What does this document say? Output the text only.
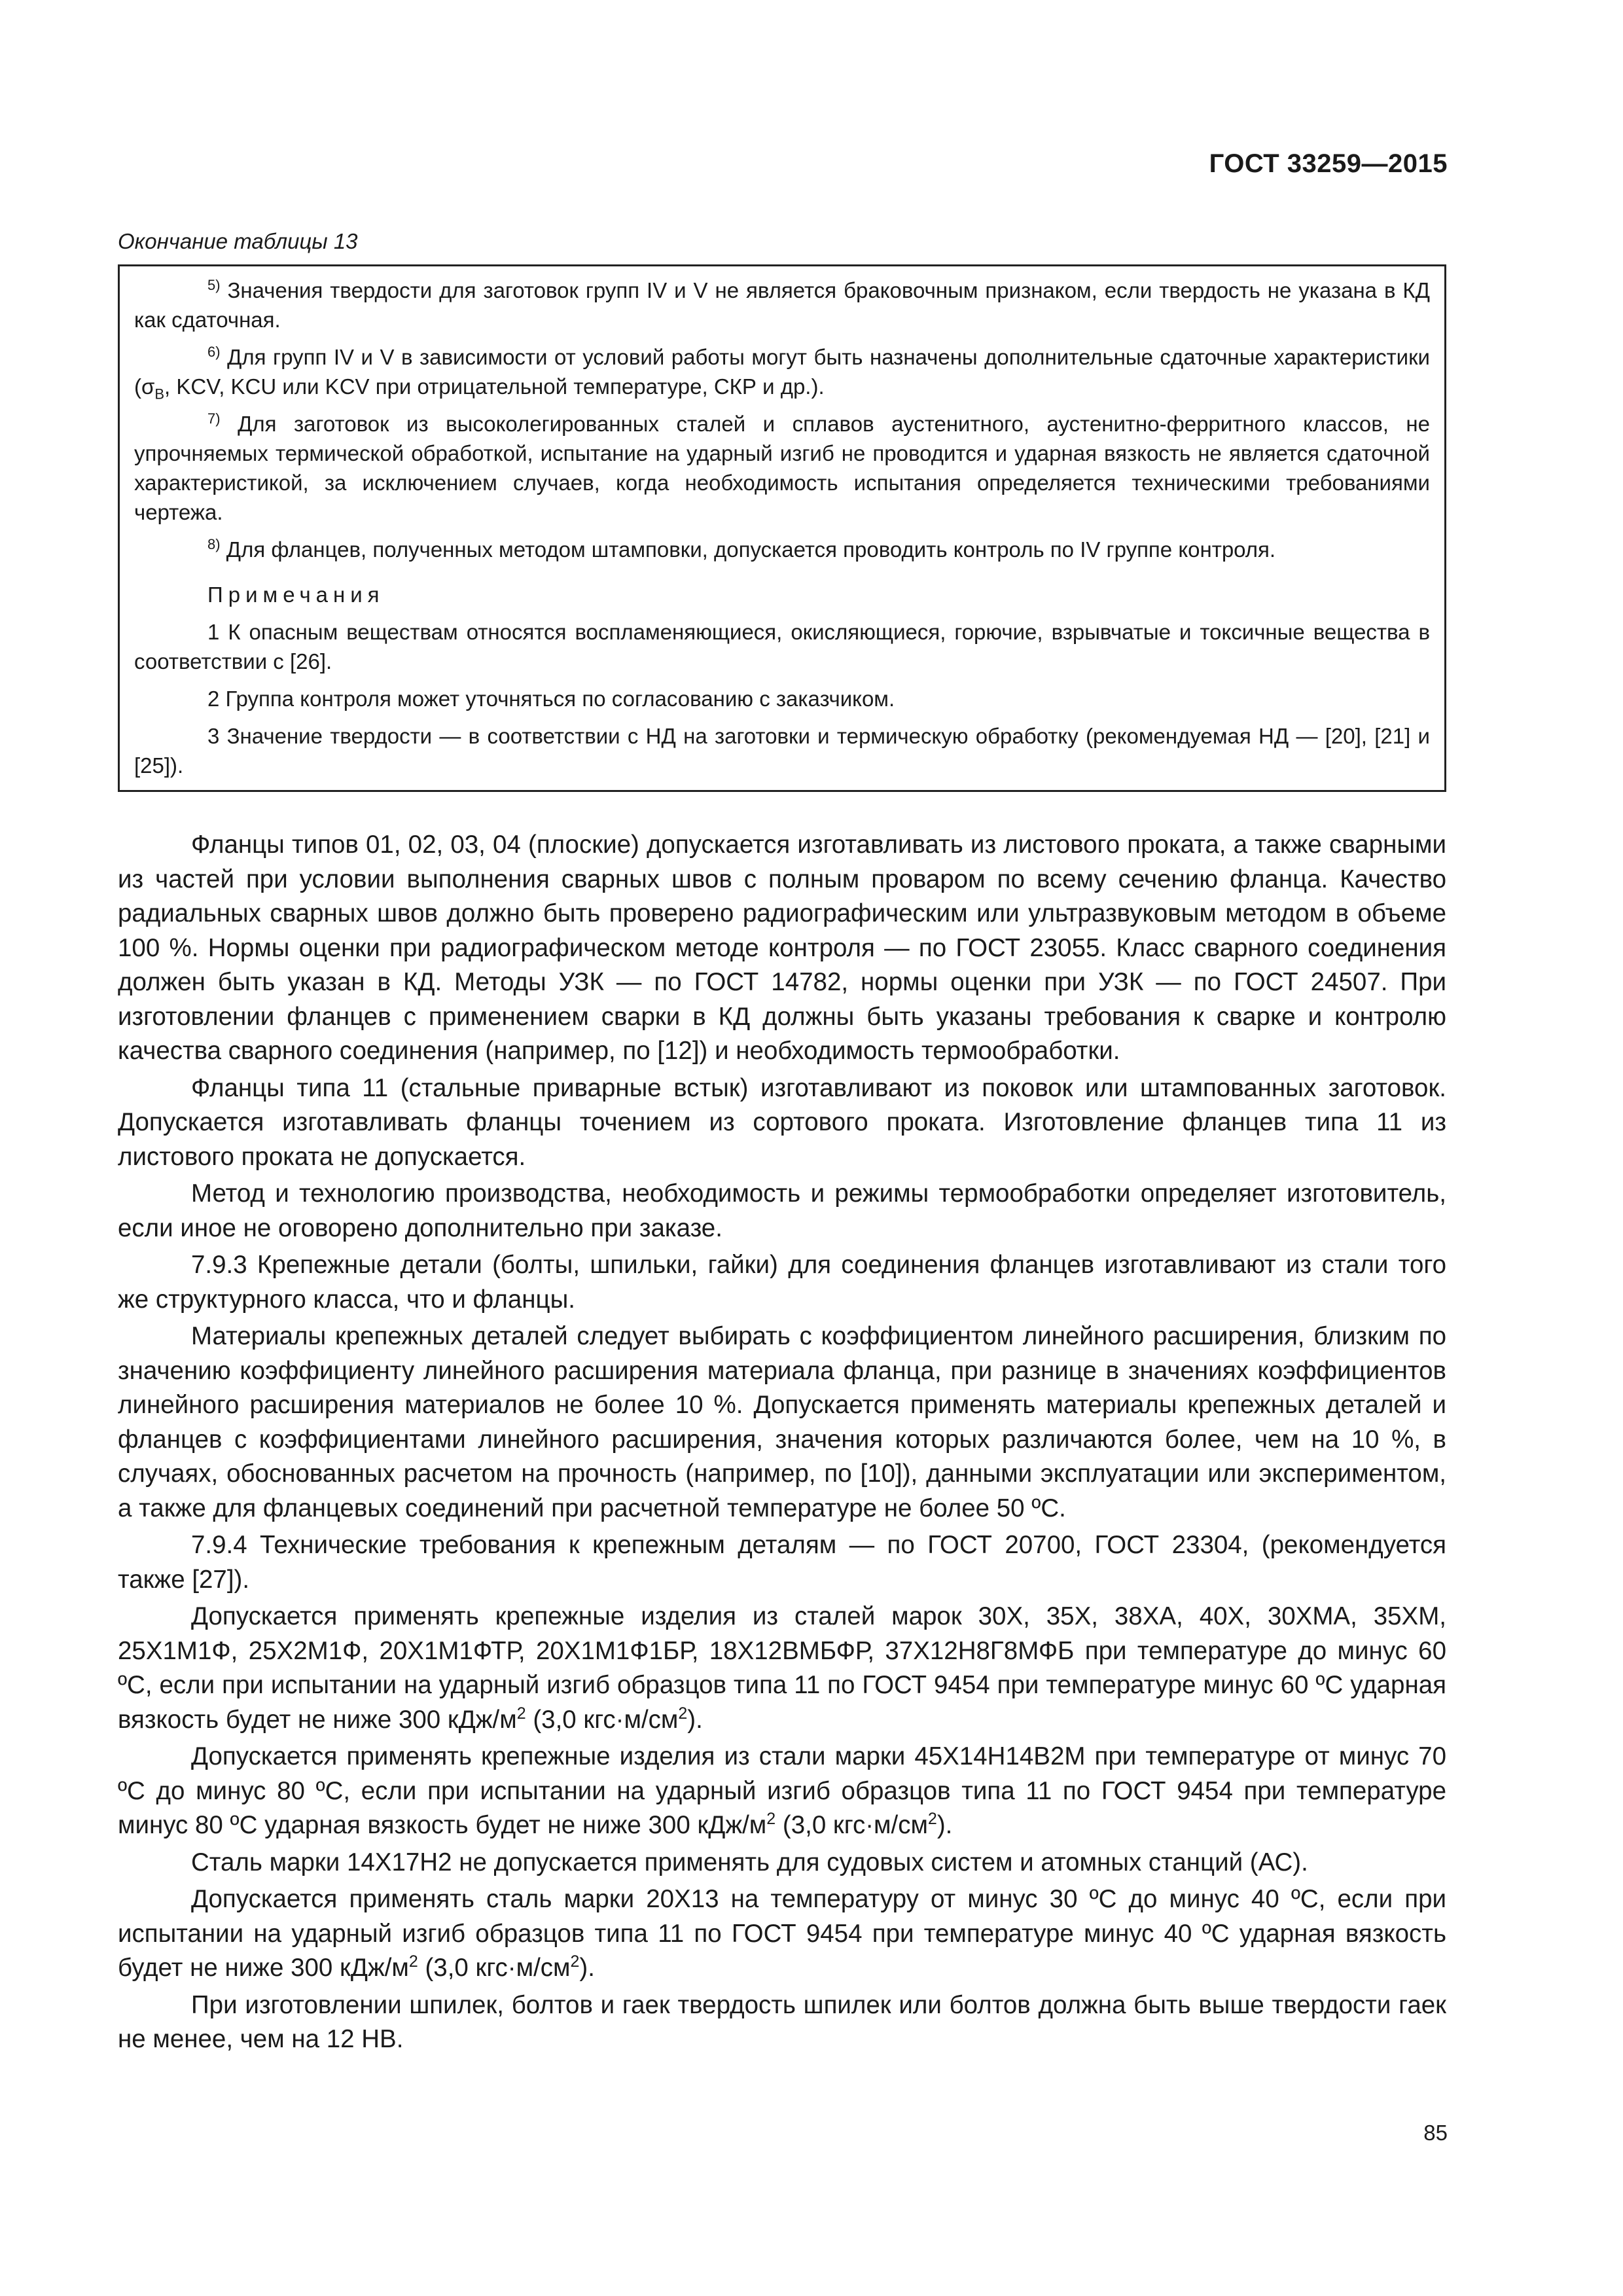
ГОСТ 33259—2015
Окончание таблицы 13

$^{5)}$ Значения твердости для заготовок групп IV и V не является браковочным признаком, если твердость не указана в КД как сдаточная.

$^{6)}$ Для групп IV и V в зависимости от условий работы могут быть назначены дополнительные сдаточные характеристики ($\sigma_В$, KCV, KCU или KCV при отрицательной температуре, СКР и др.).

$^{7)}$ Для заготовок из высоколегированных сталей и сплавов аустенитного, аустенитно-ферритного классов, не упрочняемых термической обработкой, испытание на ударный изгиб не проводится и ударная вязкость не является сдаточной характеристикой, за исключением случаев, когда необходимость испытания определяется техническими требованиями чертежа.

$^{8)}$ Для фланцев, полученных методом штамповки, допускается проводить контроль по IV группе контроля.

Примечания

1 К опасным веществам относятся воспламеняющиеся, окисляющиеся, горючие, взрывчатые и токсичные вещества в соответствии с [26].

2 Группа контроля может уточняться по согласованию с заказчиком.

3 Значение твердости — в соответствии с НД на заготовки и термическую обработку (рекомендуемая НД — [20], [21] и [25]).

Фланцы типов 01, 02, 03, 04 (плоские) допускается изготавливать из листового проката, а также сварными из частей при условии выполнения сварных швов с полным проваром по всему сечению фланца. Качество радиальных сварных швов должно быть проверено радиографическим или ультразвуковым методом в объеме 100 %. Нормы оценки при радиографическом методе контроля — по ГОСТ 23055. Класс сварного соединения должен быть указан в КД. Методы УЗК — по ГОСТ 14782, нормы оценки при УЗК — по ГОСТ 24507. При изготовлении фланцев с применением сварки в КД должны быть указаны требования к сварке и контролю качества сварного соединения (например, по [12]) и необходимость термообработки.

Фланцы типа 11 (стальные приварные встык) изготавливают из поковок или штампованных заготовок. Допускается изготавливать фланцы точением из сортового проката. Изготовление фланцев типа 11 из листового проката не допускается.

Метод и технологию производства, необходимость и режимы термообработки определяет изготовитель, если иное не оговорено дополнительно при заказе.

7.9.3 Крепежные детали (болты, шпильки, гайки) для соединения фланцев изготавливают из стали того же структурного класса, что и фланцы.

Материалы крепежных деталей следует выбирать с коэффициентом линейного расширения, близким по значению коэффициенту линейного расширения материала фланца, при разнице в значениях коэффициентов линейного расширения материалов не более 10 %. Допускается применять материалы крепежных деталей и фланцев с коэффициентами линейного расширения, значения которых различаются более, чем на 10 %, в случаях, обоснованных расчетом на прочность (например, по [10]), данными эксплуатации или экспериментом, а также для фланцевых соединений при расчетной температуре не более 50 ºС.

7.9.4 Технические требования к крепежным деталям — по ГОСТ 20700, ГОСТ 23304, (рекомендуется также [27]).

Допускается применять крепежные изделия из сталей марок 30Х, 35Х, 38ХА, 40Х, 30ХМА, 35ХМ, 25Х1М1Ф, 25Х2М1Ф, 20Х1М1ФТР, 20Х1М1Ф1БР, 18Х12ВМБФР, 37Х12Н8Г8МФБ при температуре до минус 60 ºС, если при испытании на ударный изгиб образцов типа 11 по ГОСТ 9454 при температуре минус 60 ºС ударная вязкость будет не ниже 300 кДж/$м^2$ (3,0 $кгс\cdot м/см^2$).

Допускается применять крепежные изделия из стали марки 45Х14Н14В2М при температуре от минус 70 ºС до минус 80 ºС, если при испытании на ударный изгиб образцов типа 11 по ГОСТ 9454 при температуре минус 80 ºС ударная вязкость будет не ниже 300 кДж/$м^2$ (3,0 $кгс\cdot м/см^2$).

Сталь марки 14Х17Н2 не допускается применять для судовых систем и атомных станций (АС).

Допускается применять сталь марки 20Х13 на температуру от минус 30 ºС до минус 40 ºС, если при испытании на ударный изгиб образцов типа 11 по ГОСТ 9454 при температуре минус 40 ºС ударная вязкость будет не ниже 300 кДж/$м^2$ (3,0 $кгс\cdot м/см^2$).

При изготовлении шпилек, болтов и гаек твердость шпилек или болтов должна быть выше твердости гаек не менее, чем на 12 НВ.

85
